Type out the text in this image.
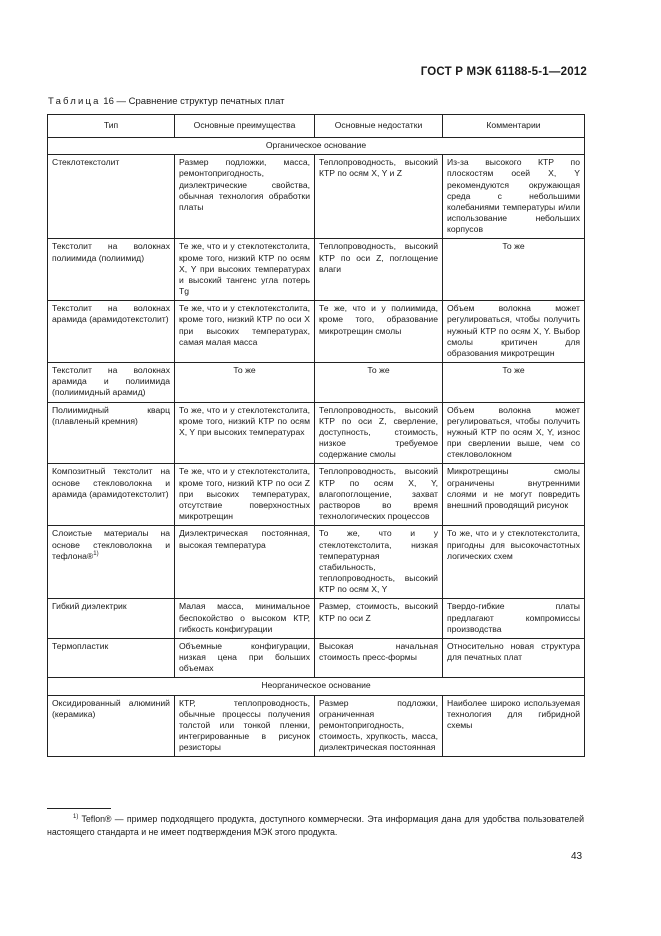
ГОСТ Р МЭК 61188-5-1—2012
Таблица 16 — Сравнение структур печатных плат
Тип	Основные преимущества	Основные недостатки	Комментарии
Органическое основание			
Стеклотекстолит	Размер подложки, масса, ремонтопригодность, диэлектрические свойства, обычная технология обработки платы	Теплопроводность, высокий КТР по осям X, Y и Z	Из-за высокого КТР по плоскостям осей X, Y рекомендуются окружающая среда с небольшими колебаниями температуры и/или использование небольших корпусов
Текстолит на волокнах полиимида (полиимид)	Те же, что и у стеклотекстолита, кроме того, низкий КТР по осям X, Y при высоких температурах и высокий тангенс угла потерь Tg	Теплопроводность, высокий КТР по оси Z, поглощение влаги	То же
Текстолит на волокнах арамида (арамидотекстолит)	Те же, что и у стеклотекстолита, кроме того, низкий КТР по оси X при высоких температурах, самая малая масса	Те же, что и у полиимида, кроме того, образование микротрещин смолы	Объем волокна может регулироваться, чтобы получить нужный КТР по осям X, Y. Выбор смолы критичен для образования микротрещин
Текстолит на волокнах арамида и полиимида (полиимидный арамид)	То же	То же	То же
Полиимидный кварц (плавленый кремния)	То же, что и у стеклотекстолита, кроме того, низкий КТР по осям X, Y при высоких температурах	Теплопроводность, высокий КТР по оси Z, сверление, доступность, стоимость, низкое требуемое содержание смолы	Объем волокна может регулироваться, чтобы получить нужный КТР по осям X, Y, износ при сверлении выше, чем со стекловолокном
Композитный текстолит на основе стекловолокна и арамида (арамидотекстолит)	Те же, что и у стеклотекстолита, кроме того, низкий КТР по оси Z при высоких температурах, отсутствие поверхностных микротрещин	Теплопроводность, высокий КТР по осям X, Y, влагопоглощение, захват растворов во время технологических процессов	Микротрещины смолы ограничены внутренними слоями и не могут повредить внешний проводящий рисунок
Слоистые материалы на основе стекловолокна и тефлона®$^{1)}$	Диэлектрическая постоянная, высокая температура	То же, что и у стеклотекстолита, низкая температурная стабильность, теплопроводность, высокий КТР по осям X, Y	То же, что и у стеклотекстолита, пригодны для высокочастотных логических схем
Гибкий диэлектрик	Малая масса, минимальное беспокойство о высоком КТР, гибкость конфигурации	Размер, стоимость, высокий КТР по оси Z	Твердо-гибкие платы предлагают компромиссы производства
Термопластик	Объемные конфигурации, низкая цена при больших объемах	Высокая начальная стоимость пресс-формы	Относительно новая структура для печатных плат
Неорганическое основание			
Оксидированный алюминий (керамика)	КТР, теплопроводность, обычные процессы получения толстой или тонкой пленки, интегрированные в рисунок резисторы	Размер подложки, ограниченная ремонтопригодность, стоимость, хрупкость, масса, диэлектрическая постоянная	Наиболее широко используемая технология для гибридной схемы
$^{1)}$ Teflon® — пример подходящего продукта, доступного коммерчески. Эта информация дана для удобства пользователей настоящего стандарта и не имеет подтверждения МЭК этого продукта.
43
